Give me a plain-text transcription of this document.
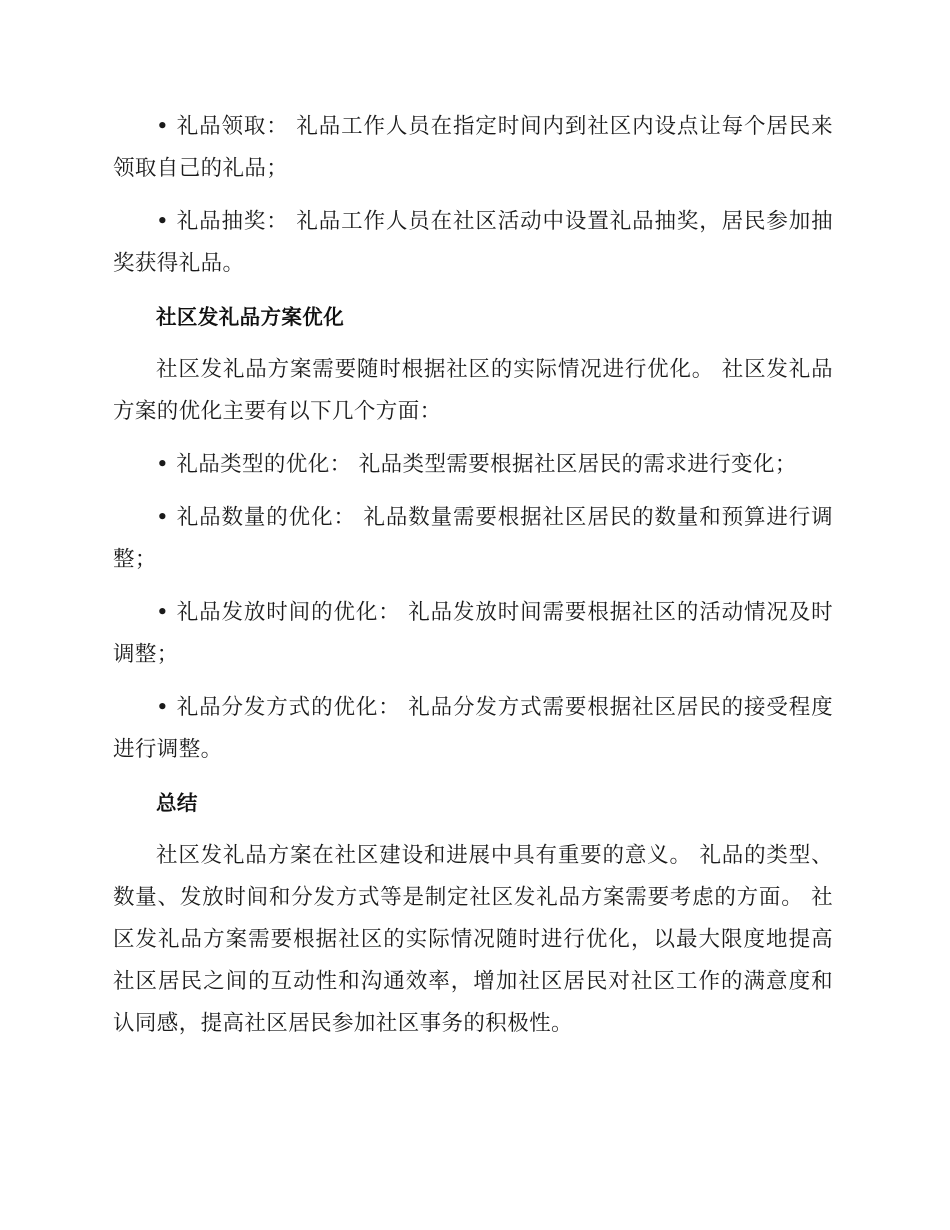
• 礼品领取： 礼品工作人员在指定时间内到社区内设点让每个居民来领取自己的礼品；

• 礼品抽奖： 礼品工作人员在社区活动中设置礼品抽奖，居民参加抽奖获得礼品。

社区发礼品方案优化

社区发礼品方案需要随时根据社区的实际情况进行优化。 社区发礼品方案的优化主要有以下几个方面：

• 礼品类型的优化： 礼品类型需要根据社区居民的需求进行变化；

• 礼品数量的优化： 礼品数量需要根据社区居民的数量和预算进行调整；

• 礼品发放时间的优化： 礼品发放时间需要根据社区的活动情况及时调整；

• 礼品分发方式的优化： 礼品分发方式需要根据社区居民的接受程度进行调整。

总结

社区发礼品方案在社区建设和进展中具有重要的意义。 礼品的类型、数量、发放时间和分发方式等是制定社区发礼品方案需要考虑的方面。 社区发礼品方案需要根据社区的实际情况随时进行优化，以最大限度地提高社区居民之间的互动性和沟通效率，增加社区居民对社区工作的满意度和认同感，提高社区居民参加社区事务的积极性。
